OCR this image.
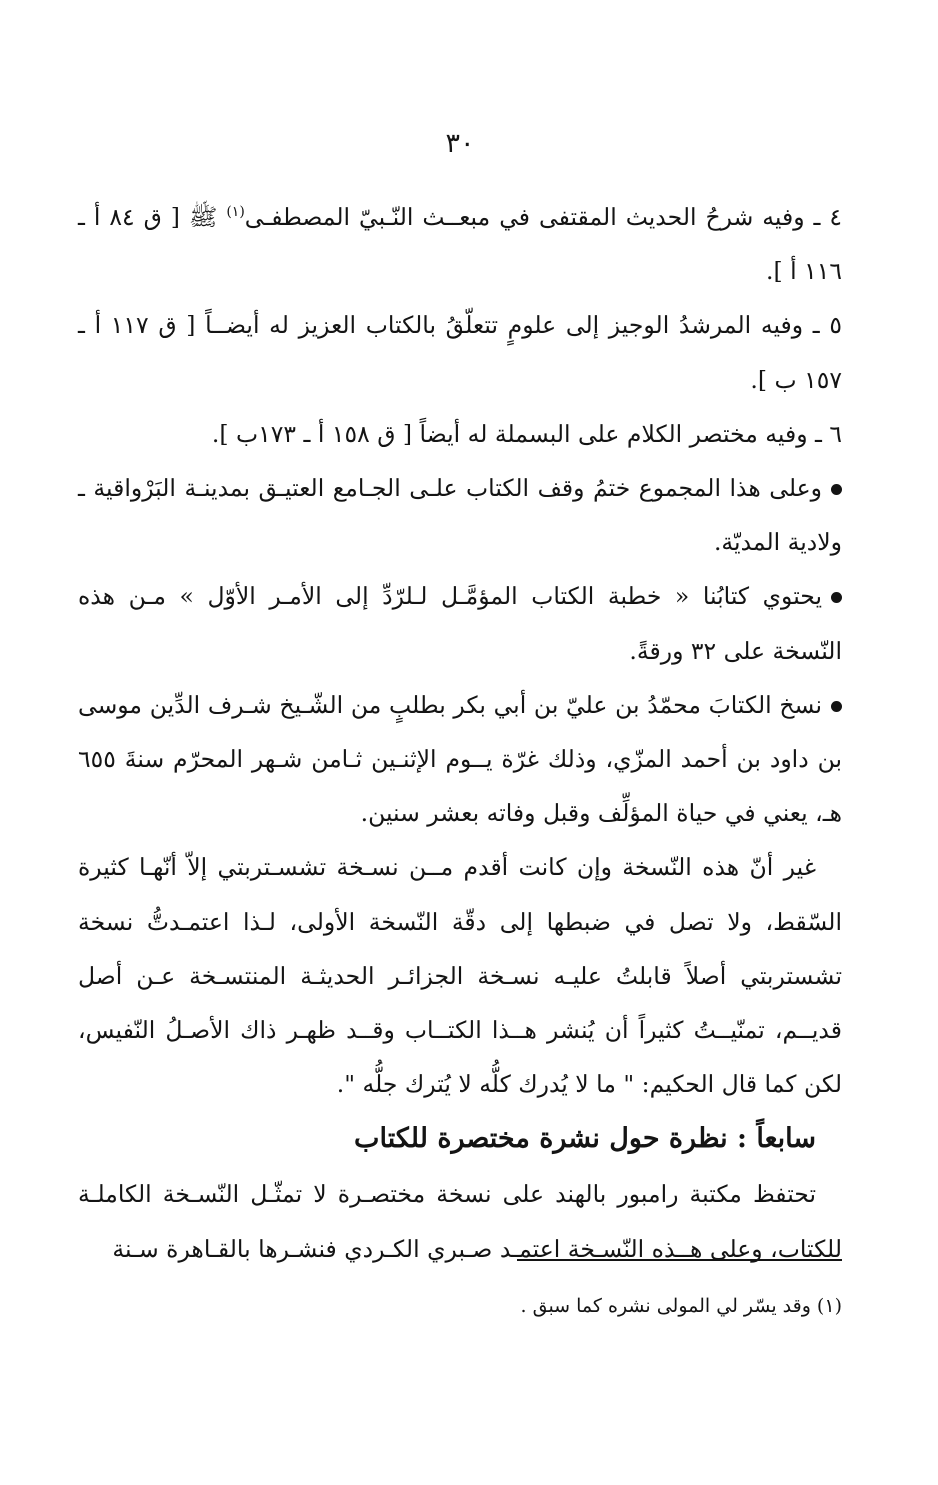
٣٠

٤ ـ وفيه شرحُ الحديث المقتفى في مبعــث النّـبيّ المصطفـى$^{(١)}$ ﷺ [ ق ٨٤ أ ـ ١١٦ أ ].

٥ ـ وفيه المرشدُ الوجيز إلى علومٍ تتعلّقُ بالكتاب العزيز له أيضــاً [ ق ١١٧ أ ـ ١٥٧ ب ].

٦ ـ وفيه مختصر الكلام على البسملة له أيضاً [ ق ١٥٨ أ ـ ١٧٣ب ].

وعلى هذا المجموع ختمُ وقف الكتاب علـى الجـامع العتيـق بمدينـة البَرْواقية ـ ولادية المديّة.

يحتوي كتابُنا « خطبة الكتاب المؤمَّـل لـلرّدِّ إلى الأمـر الأوّل » مـن هذه النّسخة على ٣٢ ورقةً.

نسخ الكتابَ محمّدُ بن عليّ بن أبي بكر بطلبٍ من الشّـيخ شـرف الدِّين موسى بن داود بن أحمد المزّي، وذلك غرّة يــوم الإثنـين ثـامن شـهر المحرّم سنةَ ٦٥٥ هـ، يعني في حياة المؤلِّف وقبل وفاته بعشر سنين.

غير أنّ هذه النّسخة وإن كانت أقدم مــن نسـخة تشسـتربتي إلاّ أنّهـا كثيرة السّقط، ولا تصل في ضبطها إلى دقّة النّسخة الأولى، لـذا اعتمـدتُّ نسخة تشستربتي أصلاً قابلتُ عليـه نسـخة الجزائـر الحديثـة المنتسـخة عـن أصل قديــم، تمنّيــتُ كثيراً أن يُنشر هــذا الكتــاب وقــد ظهـر ذاك الأصـلُ النّفيس، لكن كما قال الحكيم: " ما لا يُدرك كلُّه لا يُترك جلُّه ".

سابعاً : نظرة حول نشرة مختصرة للكتاب

تحتفظ مكتبة رامبور بالهند على نسخة مختصـرة لا تمثّـل النّسـخة الكاملـة للكتاب، وعلى هــذه النّسـخة اعتمـد صـبري الكـردي فنشـرها بالقـاهرة سـنة

(١) وقد يسّر لي المولى نشره كما سبق .
